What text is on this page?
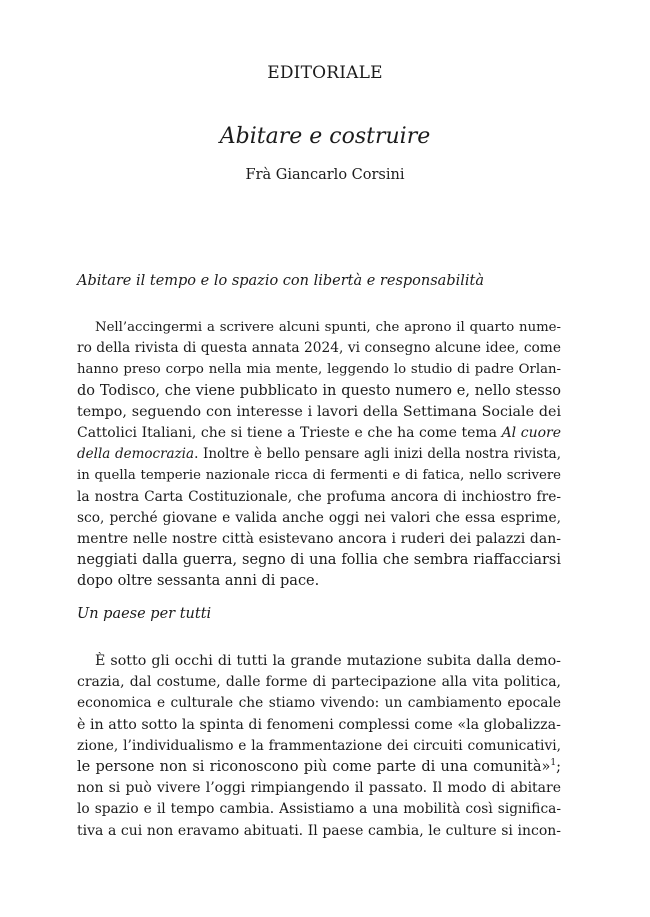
EDITORIALE
Abitare e costruire
Frà Giancarlo Corsini
Abitare il tempo e lo spazio con libertà e responsabilità
Nell’accingermi a scrivere alcuni spunti, che aprono il quarto nume-
ro della rivista di questa annata 2024, vi consegno alcune idee, come
hanno preso corpo nella mia mente, leggendo lo studio di padre Orlan-
do Todisco, che viene pubblicato in questo numero e, nello stesso
tempo, seguendo con interesse i lavori della Settimana Sociale dei
Cattolici Italiani, che si tiene a Trieste e che ha come tema Al cuore
della democrazia. Inoltre è bello pensare agli inizi della nostra rivista,
in quella temperie nazionale ricca di fermenti e di fatica, nello scrivere
la nostra Carta Costituzionale, che profuma ancora di inchiostro fre-
sco, perché giovane e valida anche oggi nei valori che essa esprime,
mentre nelle nostre città esistevano ancora i ruderi dei palazzi dan-
neggiati dalla guerra, segno di una follia che sembra riaffacciarsi
dopo oltre sessanta anni di pace.
Un paese per tutti
È sotto gli occhi di tutti la grande mutazione subita dalla demo-
crazia, dal costume, dalle forme di partecipazione alla vita politica,
economica e culturale che stiamo vivendo: un cambiamento epocale
è in atto sotto la spinta di fenomeni complessi come «la globalizza-
zione, l’individualismo e la frammentazione dei circuiti comunicativi,
le persone non si riconoscono più come parte di una comunità»$^1$;
non si può vivere l’oggi rimpiangendo il passato. Il modo di abitare
lo spazio e il tempo cambia. Assistiamo a una mobilità così significa-
tiva a cui non eravamo abituati. Il paese cambia, le culture si incon-
